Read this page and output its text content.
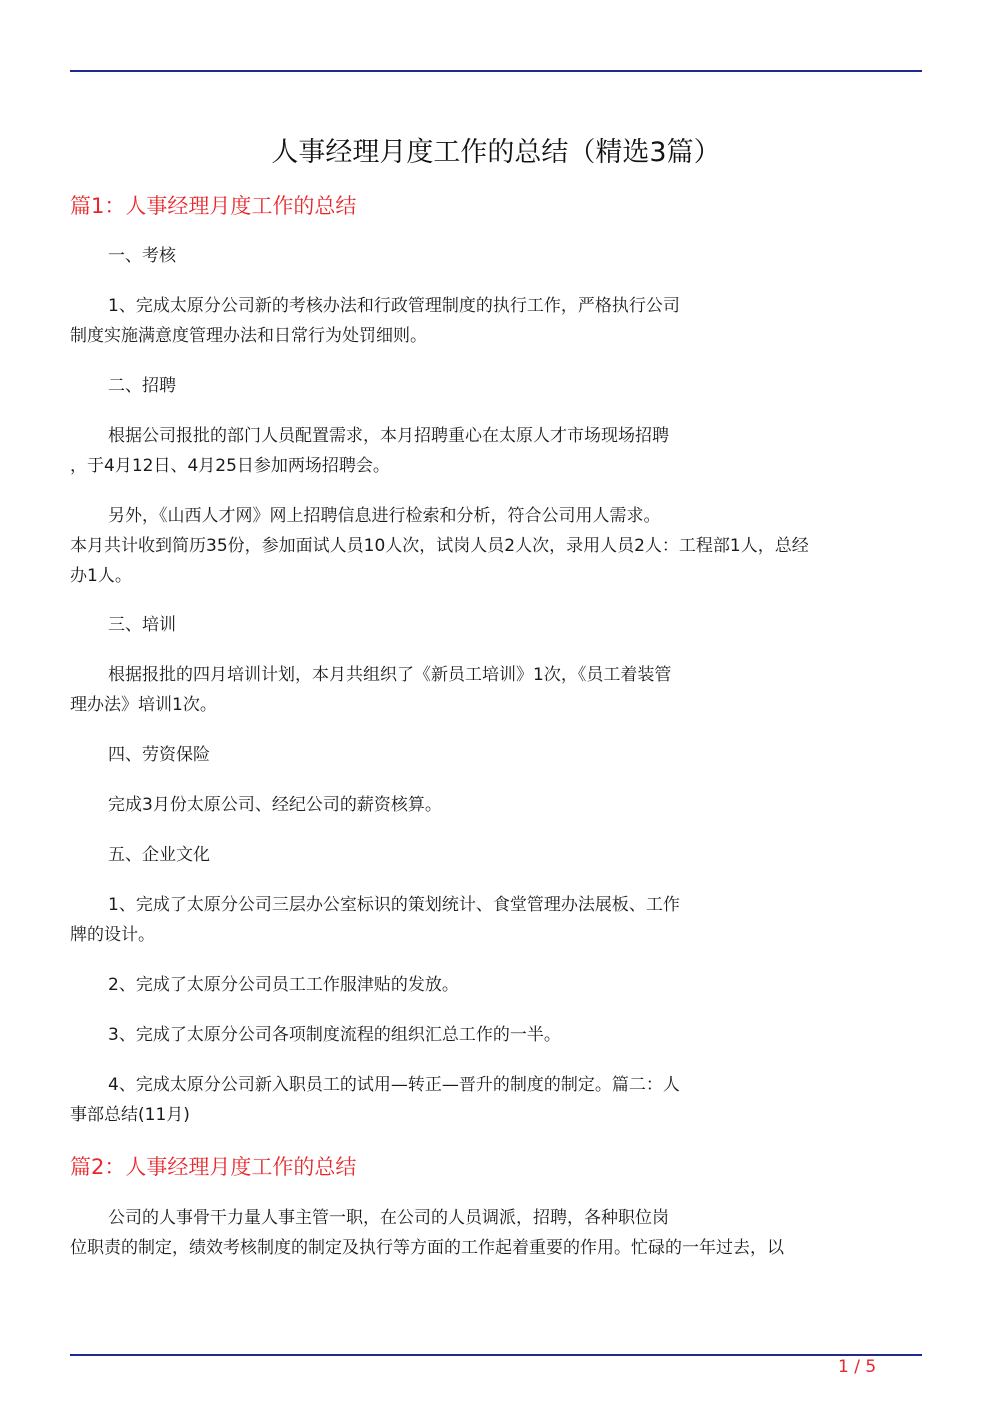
人事经理月度工作的总结（精选3篇）
篇1：人事经理月度工作的总结
一、考核
1、完成太原分公司新的考核办法和行政管理制度的执行工作，严格执行公司
制度实施满意度管理办法和日常行为处罚细则。
二、招聘
根据公司报批的部门人员配置需求，本月招聘重心在太原人才市场现场招聘
，于4月12日、4月25日参加两场招聘会。
另外，《山西人才网》网上招聘信息进行检索和分析，符合公司用人需求。
本月共计收到简历35份，参加面试人员10人次，试岗人员2人次，录用人员2人：工程部1人，总经
办1人。
三、培训
根据报批的四月培训计划，本月共组织了《新员工培训》1次，《员工着装管
理办法》培训1次。
四、劳资保险
完成3月份太原公司、经纪公司的薪资核算。
五、企业文化
1、完成了太原分公司三层办公室标识的策划统计、食堂管理办法展板、工作
牌的设计。
2、完成了太原分公司员工工作服津贴的发放。
3、完成了太原分公司各项制度流程的组织汇总工作的一半。
4、完成太原分公司新入职员工的试用—转正—晋升的制度的制定。篇二：人
事部总结(11月)
篇2：人事经理月度工作的总结
公司的人事骨干力量人事主管一职，在公司的人员调派，招聘，各种职位岗
位职责的制定，绩效考核制度的制定及执行等方面的工作起着重要的作用。忙碌的一年过去，以
1 / 5
